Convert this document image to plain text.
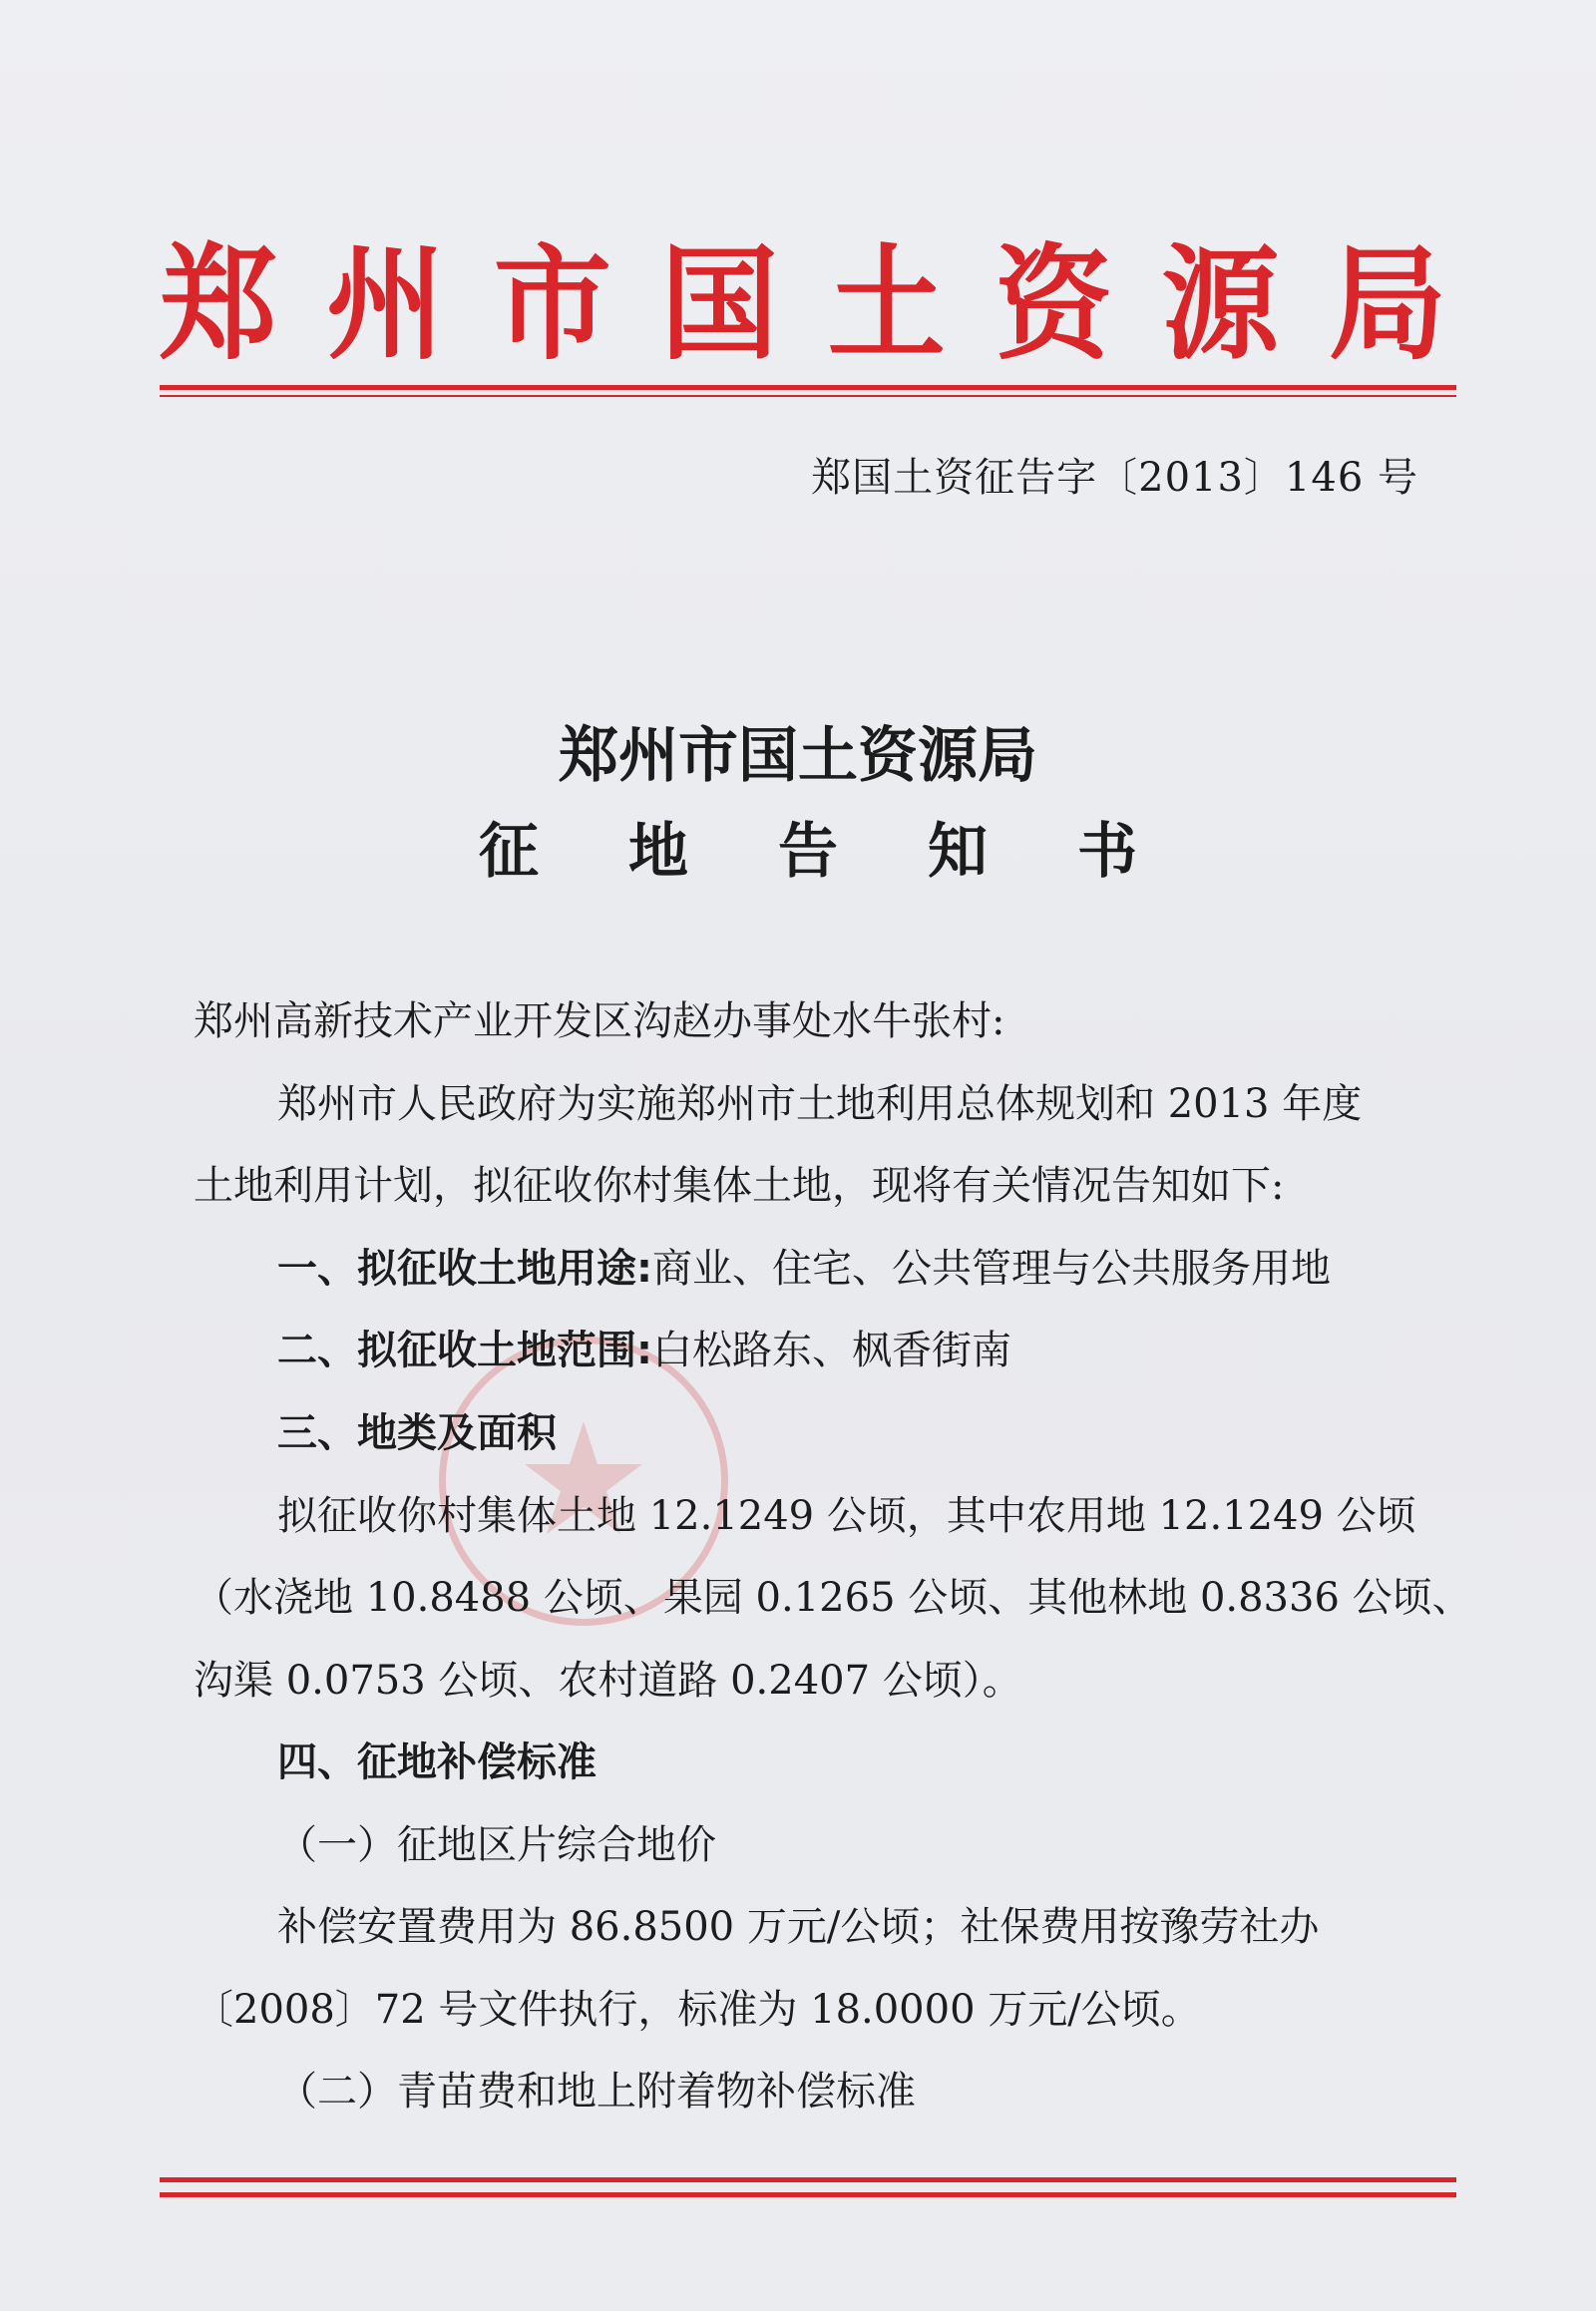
郑 州 市 国 土 资 源 局
郑国土资征告字〔2013〕146 号
郑州市国土资源局
征 地 告 知 书
郑州高新技术产业开发区沟赵办事处水牛张村:
郑州市人民政府为实施郑州市土地利用总体规划和 2013 年度
土地利用计划，拟征收你村集体土地，现将有关情况告知如下:
一、拟征收土地用途:商业、住宅、公共管理与公共服务用地
二、拟征收土地范围:白松路东、枫香街南
三、地类及面积
拟征收你村集体土地 12.1249 公顷，其中农用地 12.1249 公顷
（水浇地 10.8488 公顷、果园 0.1265 公顷、其他林地 0.8336 公顷、
沟渠 0.0753 公顷、农村道路 0.2407 公顷）。
四、征地补偿标准
（一）征地区片综合地价
补偿安置费用为 86.8500 万元/公顷；社保费用按豫劳社办
〔2008〕72 号文件执行，标准为 18.0000 万元/公顷。
（二）青苗费和地上附着物补偿标准
